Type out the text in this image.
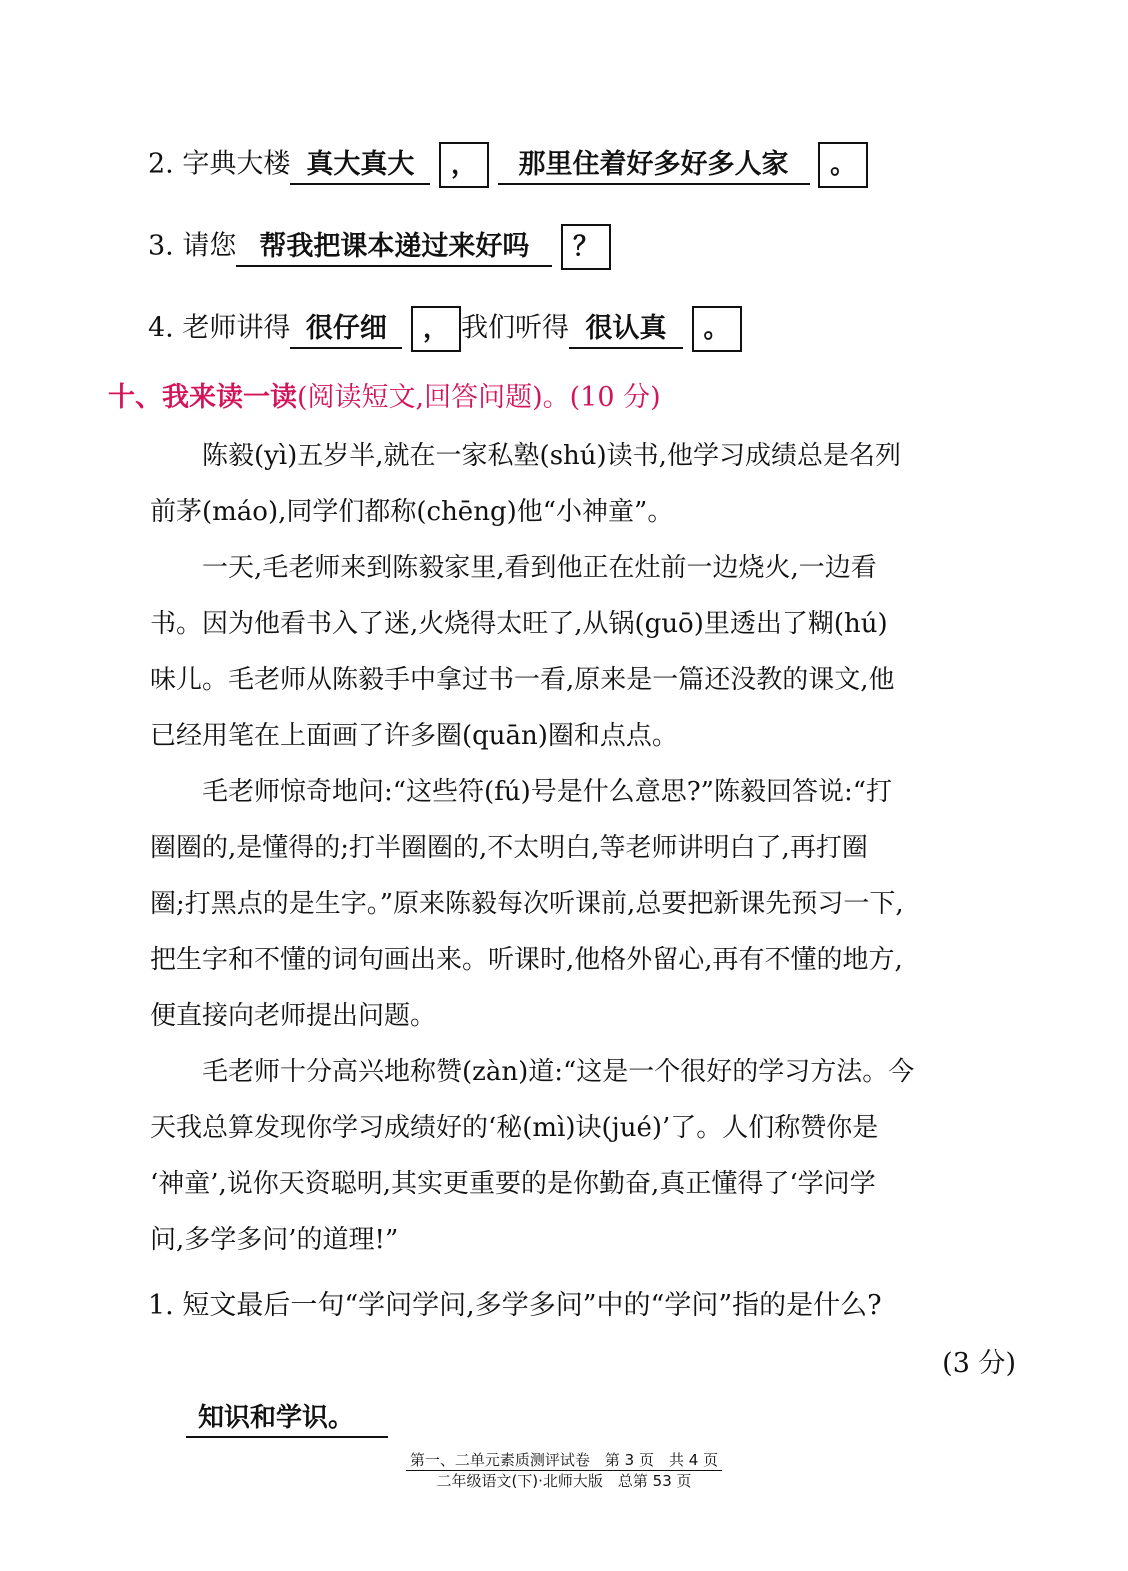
2. 字典大楼 真大真大 ， 那里住着好多好多人家 。
3. 请您 帮我把课本递过来好吗 ？
4. 老师讲得 很仔细 ， 我们听得 很认真 。
十、我来读一读(阅读短文,回答问题)。(10 分)
　　陈毅(yì)五岁半,就在一家私塾(shú)读书,他学习成绩总是名列
前茅(máo),同学们都称(chēng)他“小神童”。
　　一天,毛老师来到陈毅家里,看到他正在灶前一边烧火,一边看
书。因为他看书入了迷,火烧得太旺了,从锅(guō)里透出了糊(hú)
味儿。毛老师从陈毅手中拿过书一看,原来是一篇还没教的课文,他
已经用笔在上面画了许多圈(quān)圈和点点。
　　毛老师惊奇地问:“这些符(fú)号是什么意思?”陈毅回答说:“打
圈圈的,是懂得的;打半圈圈的,不太明白,等老师讲明白了,再打圈
圈;打黑点的是生字。”原来陈毅每次听课前,总要把新课先预习一下,
把生字和不懂的词句画出来。听课时,他格外留心,再有不懂的地方,
便直接向老师提出问题。
　　毛老师十分高兴地称赞(zàn)道:“这是一个很好的学习方法。今
天我总算发现你学习成绩好的‘秘(mì)诀(jué)’了。人们称赞你是
‘神童’,说你天资聪明,其实更重要的是你勤奋,真正懂得了‘学问学
问,多学多问’的道理!”
1. 短文最后一句“学问学问,多学多问”中的“学问”指的是什么?
(3 分)
知识和学识。
第一、二单元素质测评试卷　第 3 页　共 4 页
二年级语文(下)·北师大版　总第 53 页
